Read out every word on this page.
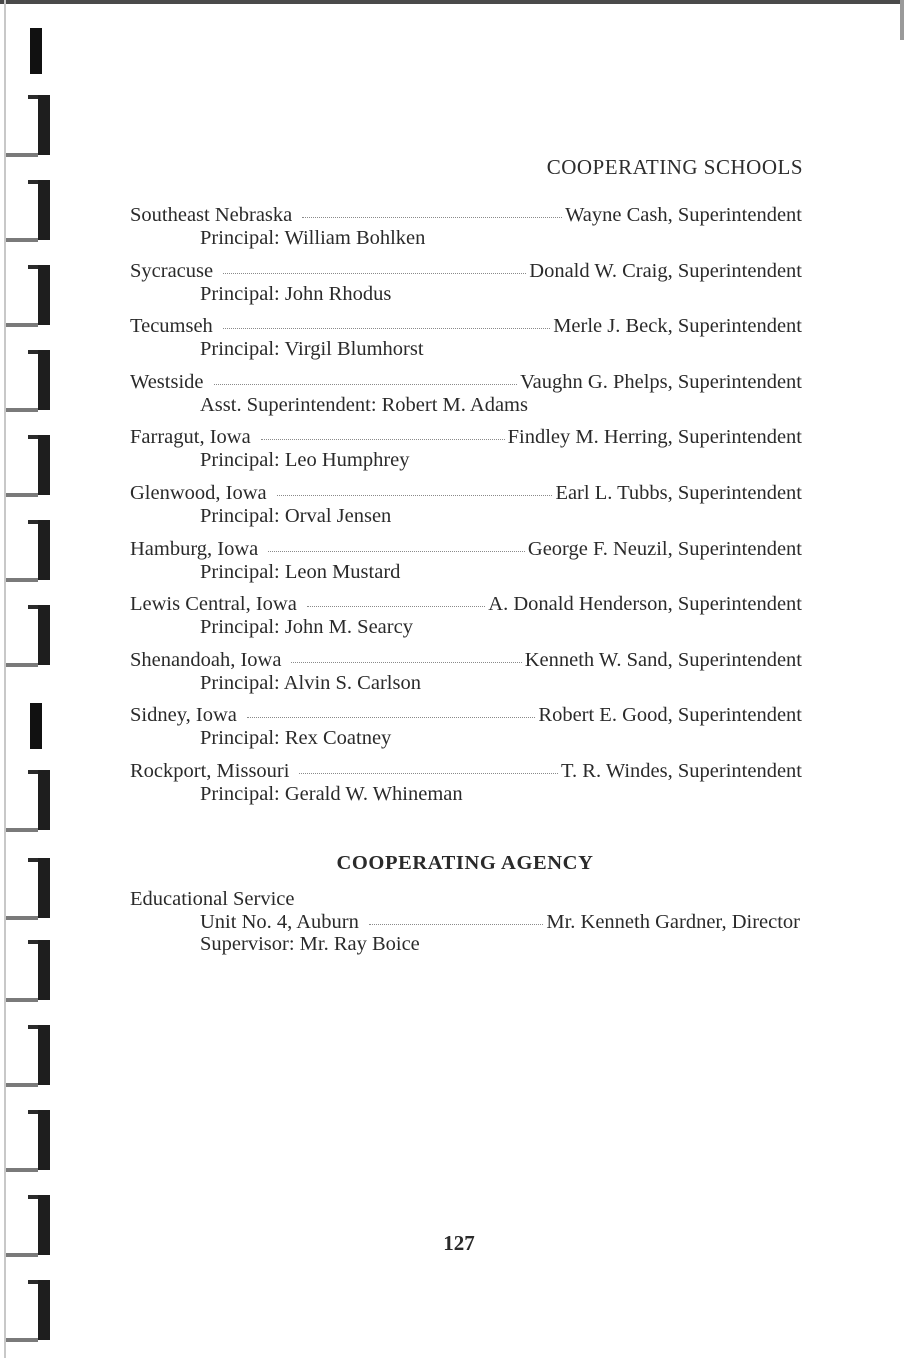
COOPERATING SCHOOLS
Southeast Nebraska	Wayne Cash, Superintendent
Principal: William Bohlken
Sycracuse	Donald W. Craig, Superintendent
Principal: John Rhodus
Tecumseh	Merle J. Beck, Superintendent
Principal: Virgil Blumhorst
Westside	Vaughn G. Phelps, Superintendent
Asst. Superintendent: Robert M. Adams
Farragut, Iowa	Findley M. Herring, Superintendent
Principal: Leo Humphrey
Glenwood, Iowa	Earl L. Tubbs, Superintendent
Principal: Orval Jensen
Hamburg, Iowa	George F. Neuzil, Superintendent
Principal: Leon Mustard
Lewis Central, Iowa	A. Donald Henderson, Superintendent
Principal: John M. Searcy
Shenandoah, Iowa	Kenneth W. Sand, Superintendent
Principal: Alvin S. Carlson
Sidney, Iowa	Robert E. Good, Superintendent
Principal: Rex Coatney
Rockport, Missouri	T. R. Windes, Superintendent
Principal: Gerald W. Whineman
COOPERATING AGENCY
Educational Service
Unit No. 4, Auburn	Mr. Kenneth Gardner, Director
Supervisor: Mr. Ray Boice
127
